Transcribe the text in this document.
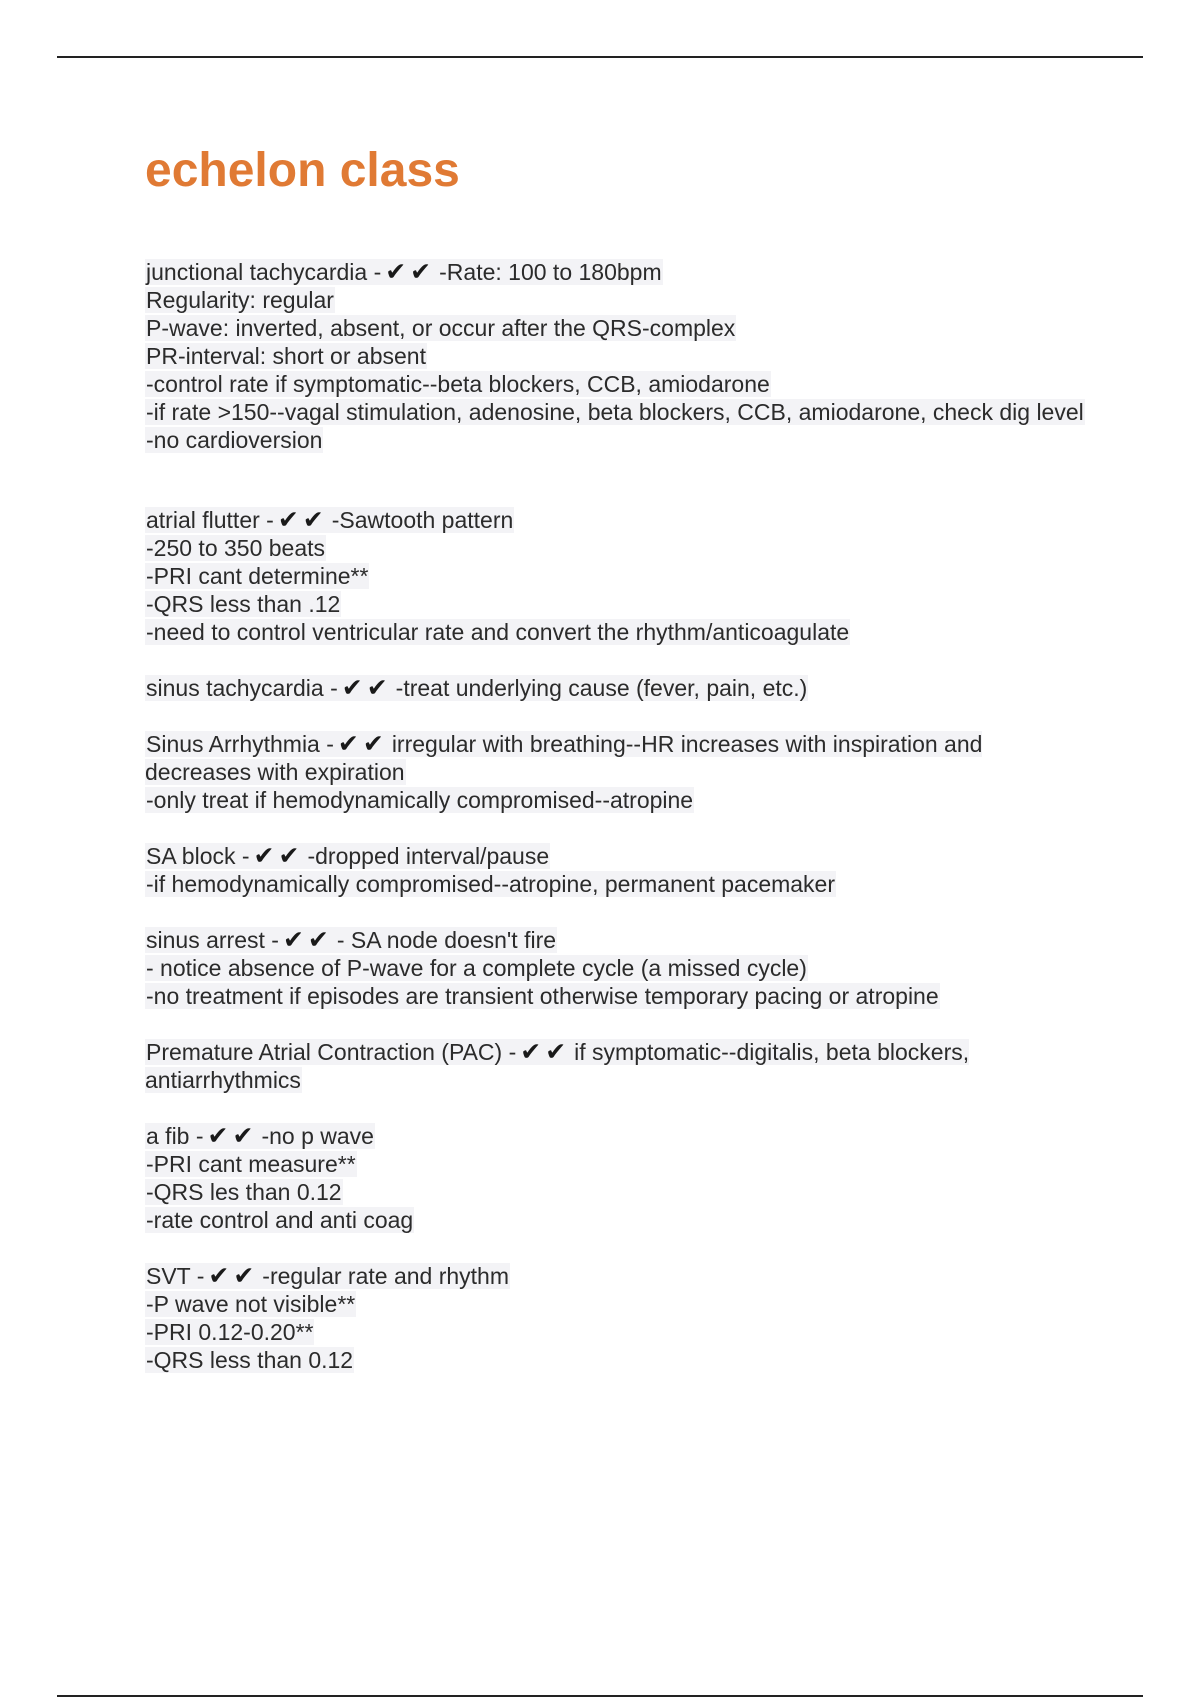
echelon class

junctional tachycardia - ✔✔ -Rate: 100 to 180bpm

Regularity: regular

P-wave: inverted, absent, or occur after the QRS-complex

PR-interval: short or absent

-control rate if symptomatic--beta blockers, CCB, amiodarone

-if rate >150--vagal stimulation, adenosine, beta blockers, CCB, amiodarone, check dig level

-no cardioversion

atrial flutter - ✔✔ -Sawtooth pattern

-250 to 350 beats

-PRI cant determine**

-QRS less than .12

-need to control ventricular rate and convert the rhythm/anticoagulate

sinus tachycardia - ✔✔ -treat underlying cause (fever, pain, etc.)

Sinus Arrhythmia - ✔✔ irregular with breathing--HR increases with inspiration and decreases with expiration

-only treat if hemodynamically compromised--atropine

SA block - ✔✔ -dropped interval/pause

-if hemodynamically compromised--atropine, permanent pacemaker

sinus arrest - ✔✔ - SA node doesn't fire

- notice absence of P-wave for a complete cycle (a missed cycle)

-no treatment if episodes are transient otherwise temporary pacing or atropine

Premature Atrial Contraction (PAC) - ✔✔ if symptomatic--digitalis, beta blockers, antiarrhythmics

a fib - ✔✔ -no p wave

-PRI cant measure**

-QRS les than 0.12

-rate control and anti coag

SVT - ✔✔ -regular rate and rhythm

-P wave not visible**

-PRI 0.12-0.20**

-QRS less than 0.12
